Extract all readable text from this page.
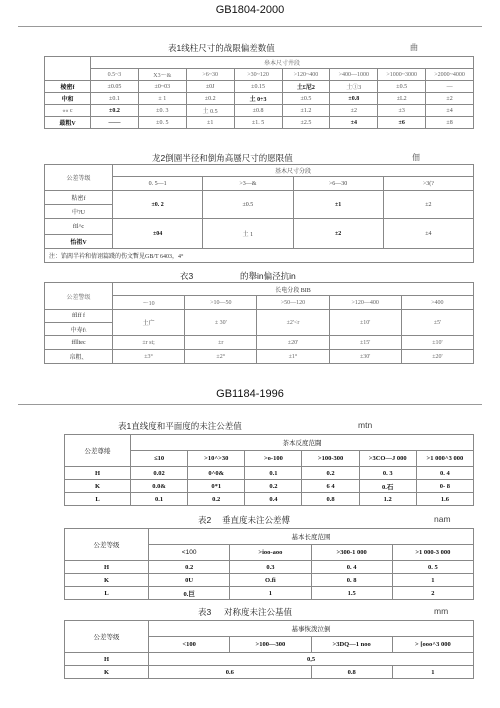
GB1804-2000
表1线柱尺寸的战限偏差数值	曲
	皋本尺寸井段							
	0.5~3	X3～&	>6~30	>30~120	>120~400	>400—1000	>1000~3000	>2000~4000
棱密f	±0.05	±0~03	±0J	±0.15	土£尼2	土①3	±0.5	—
中和	±0.1	± 1	±0.2	土 0÷3	±0.5	±0.8	±L2	±2
«« c	±0.2	±0. 3	土 0.5	±0.8	±1.2	±2	±3	±4
最粗V	——	±0. 5	±1	±1. 5	±2.5	±4	±6	±8
龙2倒園半径和倒角高蜃尺寸的愿限值	佃
公差等级	基木尺寸分段			
	0. 5—1	>3—&	>6—30	>3(?
粘密f	±0. 2	±0.5	±1	±2
中?U				
fIl^c	±04	土 1	±2	±4
怡祖V				
注：馅閭半衿和倩诩篇踐的伤文暫见GB/T 6403，4°				
衣3	的舉in偏泾抗in
公差警级	长电分段 BIB				
	～10	>10—50	>50—120	>120—400	>400
fflff f	土广	± 30'	±2'<r	±10'	±5'
中寿f\					
fflltec	±r st;	±r	±20'	±15'	±10'
帛粗、	±3°	±2°	±1°	±30'	±20'
GB1184-1996
表1直线度和平面度的未注公差值	mtn
公差尊绻	茶本反度范闘					
	≤10	>10^>30	>o-100	>100-300	>3CO—J 000	>1 000^3 000
H	0.02	0^0&	0.1	0.2	0. 3	0. 4
K	0.0&	0*1	0.2	6 4	0.石	0- 8
L	0.1	0.2	0.4	0.8	1.2	1.6
表2 垂直度未注公差傅	nam
公差等级	基本长度范围			
	<100	>ioo-aoo	>300-1 000	>1 000-3 000
H	0.2	0.3	0. 4	0. 5
K	0U	O.fi	0. 8	1
L	0.巨	1	1.5	2
表3 对称度未注公基值	mm
公差等级	基事恢泼泣倒			
	<100	>100—300	>3DQ—1 noo	> [ooo^3 000
H	0,5			
K	0.6		0.8	1
